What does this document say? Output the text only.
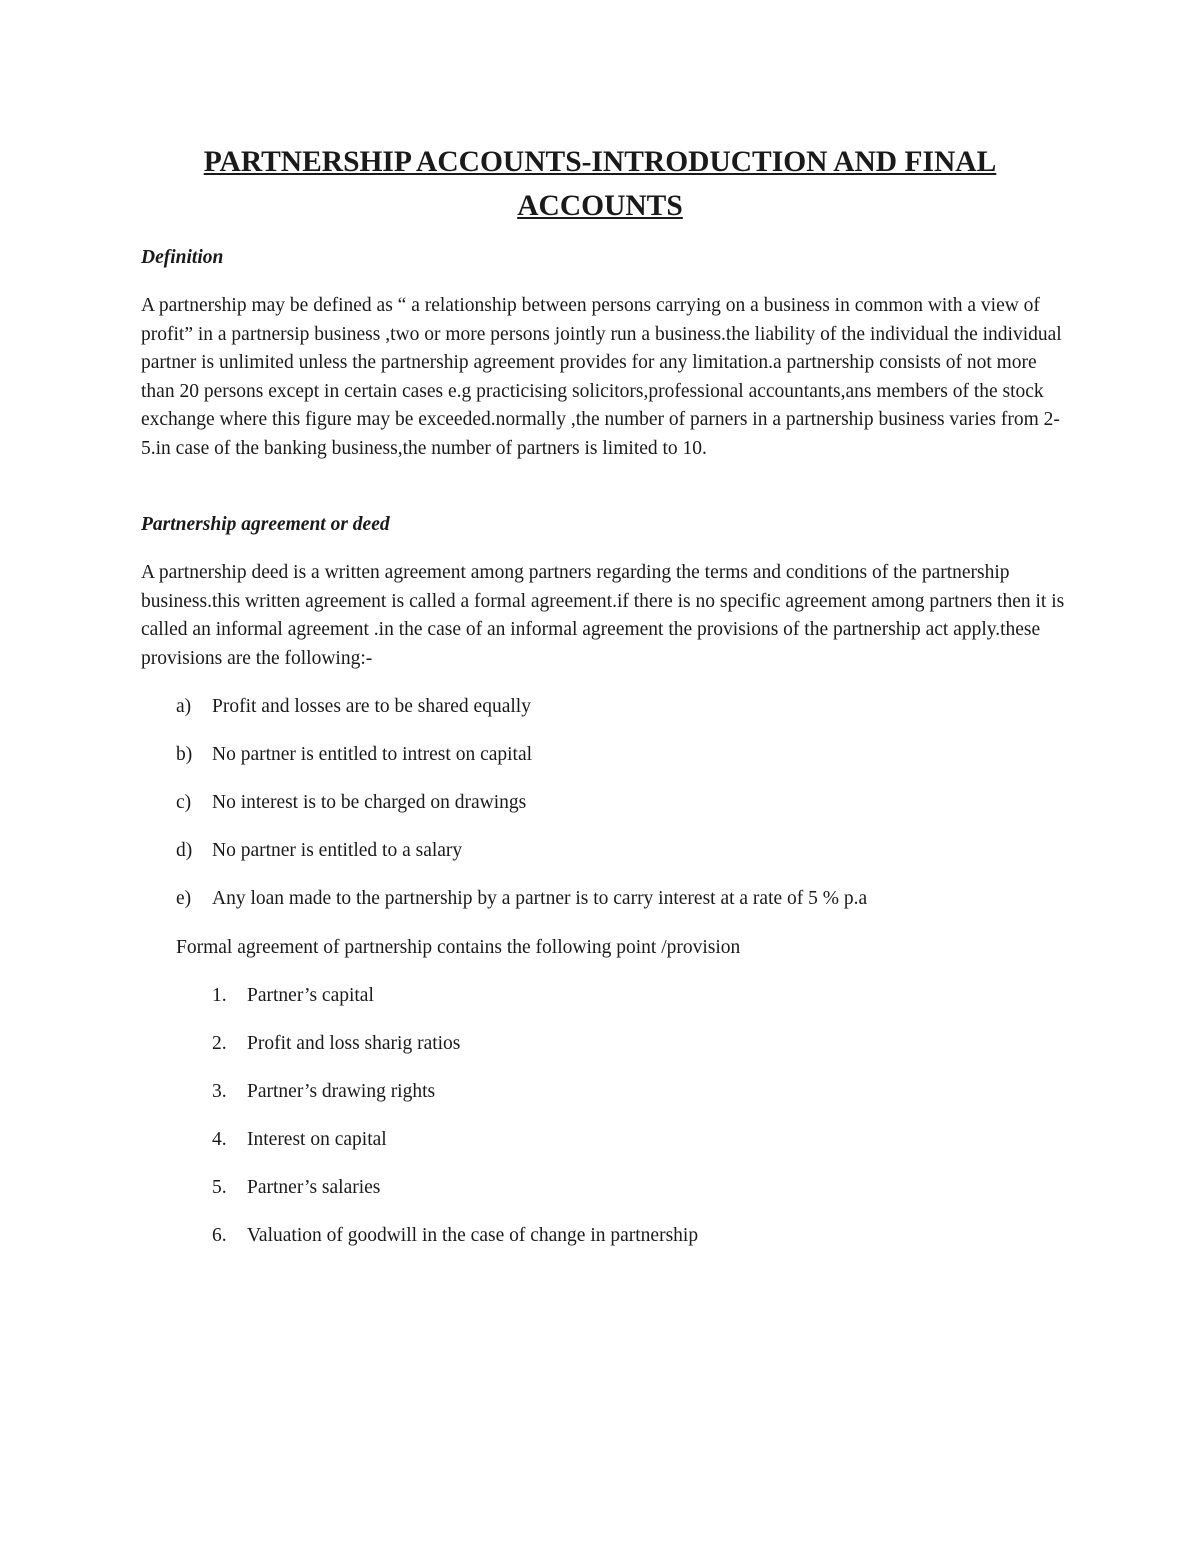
PARTNERSHIP ACCOUNTS-INTRODUCTION AND FINAL ACCOUNTS
Definition

A partnership may be defined as “ a relationship between persons carrying on a business in common with a view of profit” in a partnersip business ,two or more persons jointly run a business.the liability of the individual the individual partner is unlimited unless the partnership agreement provides for any limitation.a partnership consists of not more than 20 persons except in certain cases e.g practicising solicitors,professional accountants,ans members of the stock exchange where this figure may be exceeded.normally ,the number of parners in a partnership business varies from 2-5.in case of the banking business,the number of partners is limited to 10.

Partnership agreement or deed

A partnership deed is a written agreement among partners regarding the terms and conditions of the partnership business.this written agreement is called a formal agreement.if there is no specific agreement among partners then it is called an informal agreement .in the case of an informal agreement the provisions of the partnership act apply.these provisions are the following:-

a) Profit and losses are to be shared equally
b) No partner is entitled to intrest on capital
c) No interest is to be charged on drawings
d) No partner is entitled to a salary
e) Any loan made to the partnership by a partner is to carry interest at a rate of 5 % p.a

Formal agreement of partnership contains the following point /provision

1. Partner’s capital
2. Profit and loss sharig ratios
3. Partner’s drawing rights
4. Interest on capital
5. Partner’s salaries
6. Valuation of goodwill in the case of change in partnership
